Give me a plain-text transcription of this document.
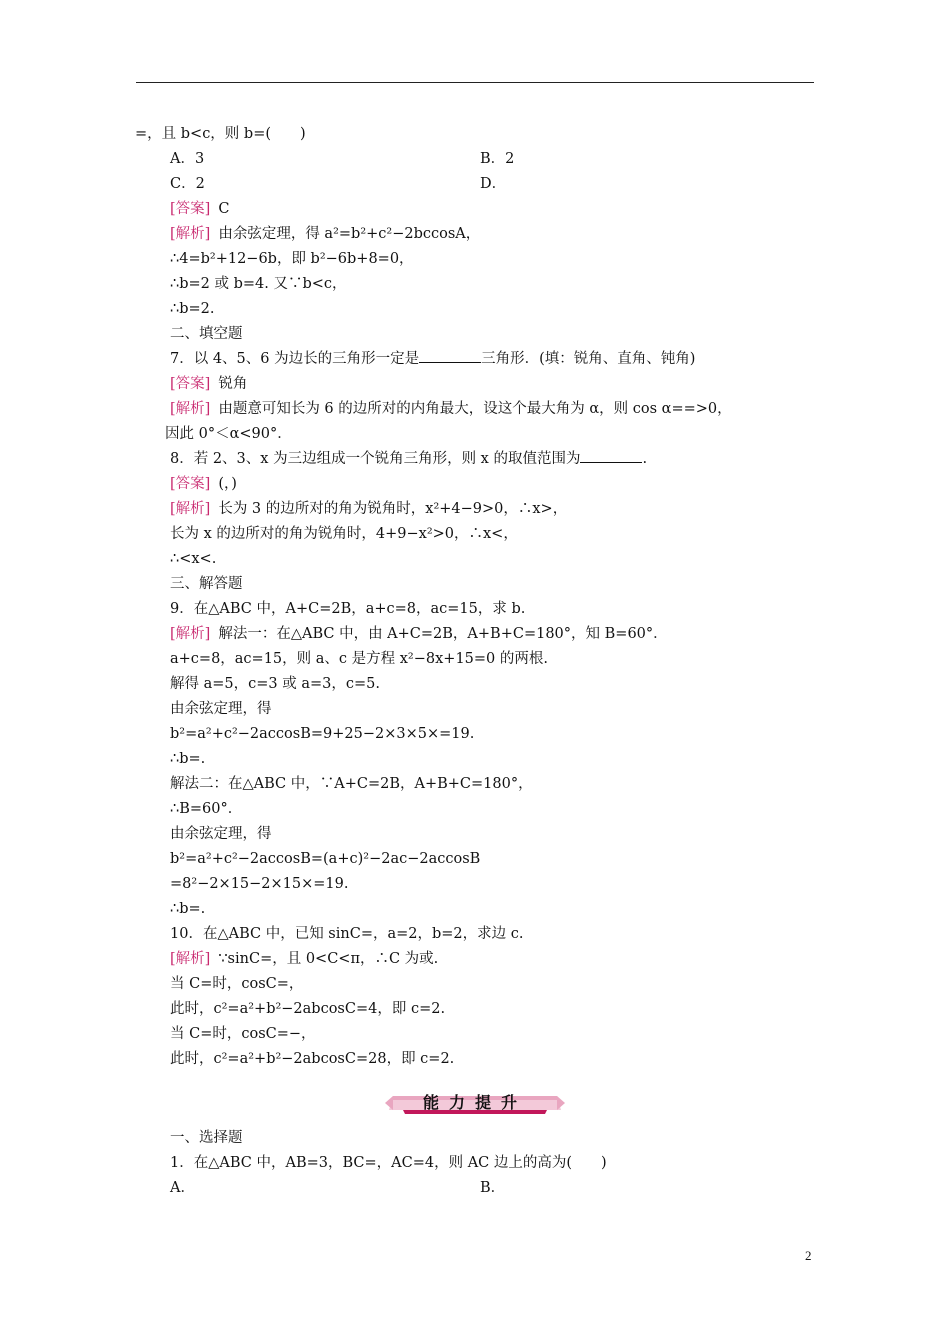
=，且 b<c，则 b=(　　)
A．3	B．2
C．2	D．
[答案] C
[解析] 由余弦定理，得 a²=b²+c²−2bccosA，
∴4=b²+12−6b，即 b²−6b+8=0，
∴b=2 或 b=4. 又∵b<c，
∴b=2.
二、填空题
7．以 4、5、6 为边长的三角形一定是	三角形．(填：锐角、直角、钝角)
[答案] 锐角
[解析] 由题意可知长为 6 的边所对的内角最大，设这个最大角为 α，则 cos α==>0，
因此 0°＜α<90°．
8．若 2、3、x 为三边组成一个锐角三角形，则 x 的取值范围为	.
[答案] (，)
[解析] 长为 3 的边所对的角为锐角时，x²+4−9>0，∴x>，
长为 x 的边所对的角为锐角时，4+9−x²>0，∴x<，
∴<x<.
三、解答题
9．在△ABC 中，A+C=2B，a+c=8，ac=15，求 b.
[解析] 解法一：在△ABC 中，由 A+C=2B，A+B+C=180°，知 B=60°．
a+c=8，ac=15，则 a、c 是方程 x²−8x+15=0 的两根.
解得 a=5，c=3 或 a=3，c=5.
由余弦定理，得
b²=a²+c²−2accosB=9+25−2×3×5×=19.
∴b=.
解法二：在△ABC 中，∵A+C=2B，A+B+C=180°，
∴B=60°．
由余弦定理，得
b²=a²+c²−2accosB=(a+c)²−2ac−2accosB
=8²−2×15−2×15×=19.
∴b=.
10．在△ABC 中，已知 sinC=，a=2，b=2，求边 c.
[解析] ∵sinC=，且 0<C<π，∴C 为或.
当 C=时，cosC=，
此时，c²=a²+b²−2abcosC=4，即 c=2.
当 C=时，cosC=−，
此时，c²=a²+b²−2abcosC=28，即 c=2.
能力提升
一、选择题
1．在△ABC 中，AB=3，BC=，AC=4，则 AC 边上的高为(　　)
A．	B．
2
